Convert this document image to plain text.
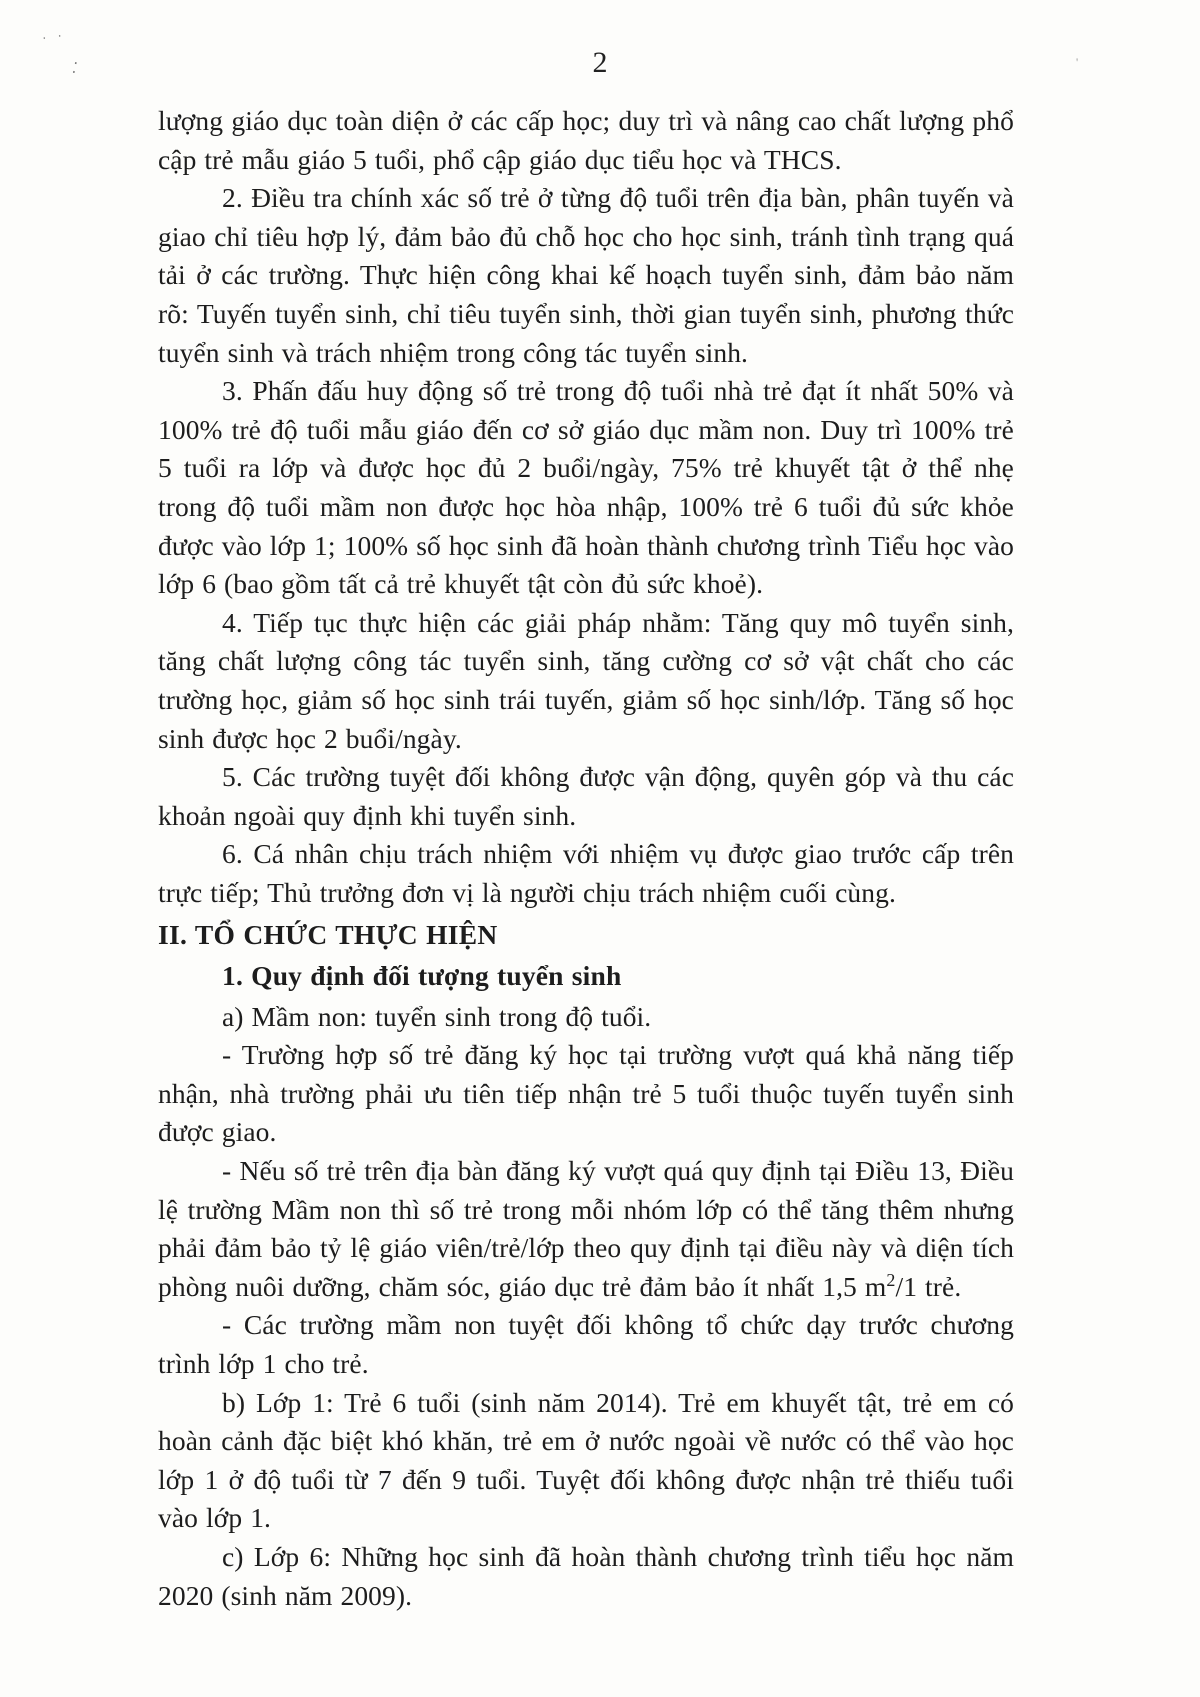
· ·
⁚	'
2

lượng giáo dục toàn diện ở các cấp học; duy trì và nâng cao chất lượng phổ cập trẻ mẫu giáo 5 tuổi, phổ cập giáo dục tiểu học và THCS.

2. Điều tra chính xác số trẻ ở từng độ tuổi trên địa bàn, phân tuyến và giao chỉ tiêu hợp lý, đảm bảo đủ chỗ học cho học sinh, tránh tình trạng quá tải ở các trường. Thực hiện công khai kế hoạch tuyển sinh, đảm bảo năm rõ: Tuyến tuyển sinh, chỉ tiêu tuyển sinh, thời gian tuyển sinh, phương thức tuyển sinh và trách nhiệm trong công tác tuyển sinh.

3. Phấn đấu huy động số trẻ trong độ tuổi nhà trẻ đạt ít nhất 50% và 100% trẻ độ tuổi mẫu giáo đến cơ sở giáo dục mầm non. Duy trì 100% trẻ 5 tuổi ra lớp và được học đủ 2 buổi/ngày, 75% trẻ khuyết tật ở thể nhẹ trong độ tuổi mầm non được học hòa nhập, 100% trẻ 6 tuổi đủ sức khỏe được vào lớp 1; 100% số học sinh đã hoàn thành chương trình Tiểu học vào lớp 6 (bao gồm tất cả trẻ khuyết tật còn đủ sức khoẻ).

4. Tiếp tục thực hiện các giải pháp nhằm: Tăng quy mô tuyển sinh, tăng chất lượng công tác tuyển sinh, tăng cường cơ sở vật chất cho các trường học, giảm số học sinh trái tuyến, giảm số học sinh/lớp. Tăng số học sinh được học 2 buổi/ngày.

5. Các trường tuyệt đối không được vận động, quyên góp và thu các khoản ngoài quy định khi tuyển sinh.

6. Cá nhân chịu trách nhiệm với nhiệm vụ được giao trước cấp trên trực tiếp; Thủ trưởng đơn vị là người chịu trách nhiệm cuối cùng.

II. TỔ CHỨC THỰC HIỆN

1. Quy định đối tượng tuyển sinh

a) Mầm non: tuyển sinh trong độ tuổi.

- Trường hợp số trẻ đăng ký học tại trường vượt quá khả năng tiếp nhận, nhà trường phải ưu tiên tiếp nhận trẻ 5 tuổi thuộc tuyến tuyển sinh được giao.

- Nếu số trẻ trên địa bàn đăng ký vượt quá quy định tại Điều 13, Điều lệ trường Mầm non thì số trẻ trong mỗi nhóm lớp có thể tăng thêm nhưng phải đảm bảo tỷ lệ giáo viên/trẻ/lớp theo quy định tại điều này và diện tích phòng nuôi dưỡng, chăm sóc, giáo dục trẻ đảm bảo ít nhất 1,5 $m^2/1$ trẻ.

- Các trường mầm non tuyệt đối không tổ chức dạy trước chương trình lớp 1 cho trẻ.

b) Lớp 1: Trẻ 6 tuổi (sinh năm 2014). Trẻ em khuyết tật, trẻ em có hoàn cảnh đặc biệt khó khăn, trẻ em ở nước ngoài về nước có thể vào học lớp 1 ở độ tuổi từ 7 đến 9 tuổi. Tuyệt đối không được nhận trẻ thiếu tuổi vào lớp 1.

c) Lớp 6: Những học sinh đã hoàn thành chương trình tiểu học năm 2020 (sinh năm 2009).
